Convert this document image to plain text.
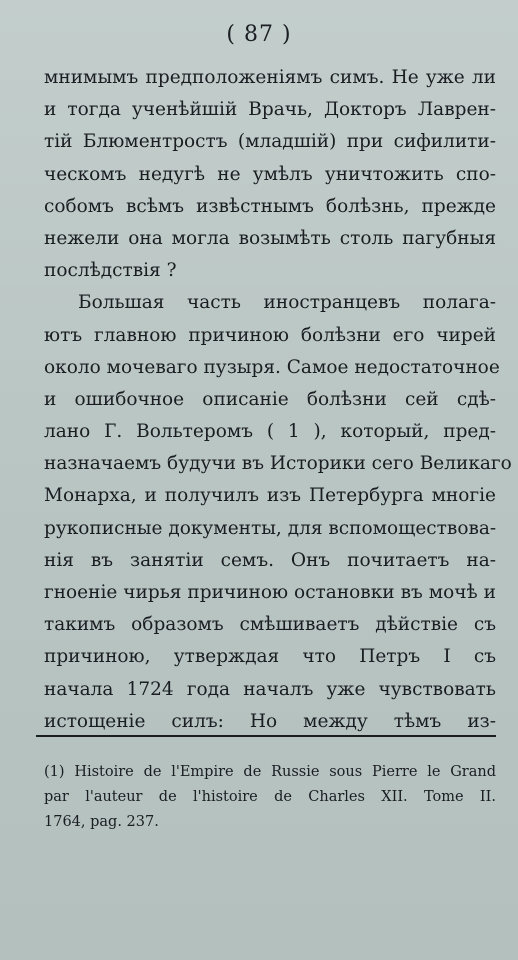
( 87 )
мнимымъ предположеніямъ симъ. Не уже ли
и тогда ученѣйшій Врачь, Докторъ Лаврен-
тій Блюментростъ (младшій) при сифилити-
ческомъ недугѣ не умѣлъ уничтожить спо-
собомъ всѣмъ извѣстнымъ болѣзнь, прежде
нежели она могла возымѣть столь пагубныя
послѣдствія ?
Большая часть иностранцевъ полага-
ютъ главною причиною болѣзни его чирей
около мочеваго пузыря. Самое недостаточное
и ошибочное описаніе болѣзни сей сдѣ-
лано Г. Вольтеромъ ( 1 ), который, пред-
назначаемъ будучи въ Историки сего Великаго
Монарха, и получилъ изъ Петербурга многіе
рукописные документы, для вспомоществова-
нія въ занятіи семъ. Онъ почитаетъ на-
гноеніе чирья причиною остановки въ мочѣ и
такимъ образомъ смѣшиваетъ дѣйствіе съ
причиною, утверждая что Петръ I съ
начала 1724 года началъ уже чувствовать
истощеніе силъ: Но между тѣмъ из-
(1) Histoire de l'Empire de Russie sous Pierre le Grand
par l'auteur de l'histoire de Charles XII. Tome II.
1764, pag. 237.
